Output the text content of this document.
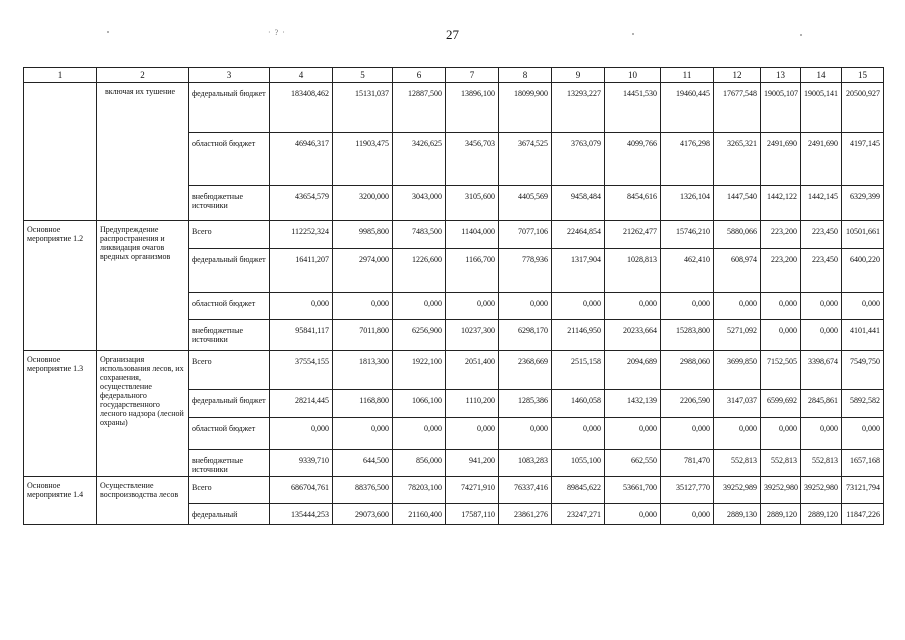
27
· ? ·
1	2	3	4	5	6	7	8	9	10	11	12	13	14	15
	включая их тушение	федеральный бюджет	183408,462	15131,037	12887,500	13896,100	18099,900	13293,227	14451,530	19460,445	17677,548	19005,107	19005,141	20500,927
		областной бюджет	46946,317	11903,475	3426,625	3456,703	3674,525	3763,079	4099,766	4176,298	3265,321	2491,690	2491,690	4197,145
		внебюджетные источники	43654,579	3200,000	3043,000	3105,600	4405,569	9458,484	8454,616	1326,104	1447,540	1442,122	1442,145	6329,399
Основное мероприятие 1.2	Предупреждение распространения и ликвидация очагов вредных организмов	Всего	112252,324	9985,800	7483,500	11404,000	7077,106	22464,854	21262,477	15746,210	5880,066	223,200	223,450	10501,661
		федеральный бюджет	16411,207	2974,000	1226,600	1166,700	778,936	1317,904	1028,813	462,410	608,974	223,200	223,450	6400,220
		областной бюджет	0,000	0,000	0,000	0,000	0,000	0,000	0,000	0,000	0,000	0,000	0,000	0,000
		внебюджетные источники	95841,117	7011,800	6256,900	10237,300	6298,170	21146,950	20233,664	15283,800	5271,092	0,000	0,000	4101,441
Основное мероприятие 1.3	Организация использования лесов, их сохранения, осуществление федерального государственного лесного надзора (лесной охраны)	Всего	37554,155	1813,300	1922,100	2051,400	2368,669	2515,158	2094,689	2988,060	3699,850	7152,505	3398,674	7549,750
		федеральный бюджет	28214,445	1168,800	1066,100	1110,200	1285,386	1460,058	1432,139	2206,590	3147,037	6599,692	2845,861	5892,582
		областной бюджет	0,000	0,000	0,000	0,000	0,000	0,000	0,000	0,000	0,000	0,000	0,000	0,000
		внебюджетные источники	9339,710	644,500	856,000	941,200	1083,283	1055,100	662,550	781,470	552,813	552,813	552,813	1657,168
Основное мероприятие 1.4	Осуществление воспроизводства лесов	Всего	686704,761	88376,500	78203,100	74271,910	76337,416	89845,622	53661,700	35127,770	39252,989	39252,980	39252,980	73121,794
		федеральный	135444,253	29073,600	21160,400	17587,110	23861,276	23247,271	0,000	0,000	2889,130	2889,120	2889,120	11847,226
